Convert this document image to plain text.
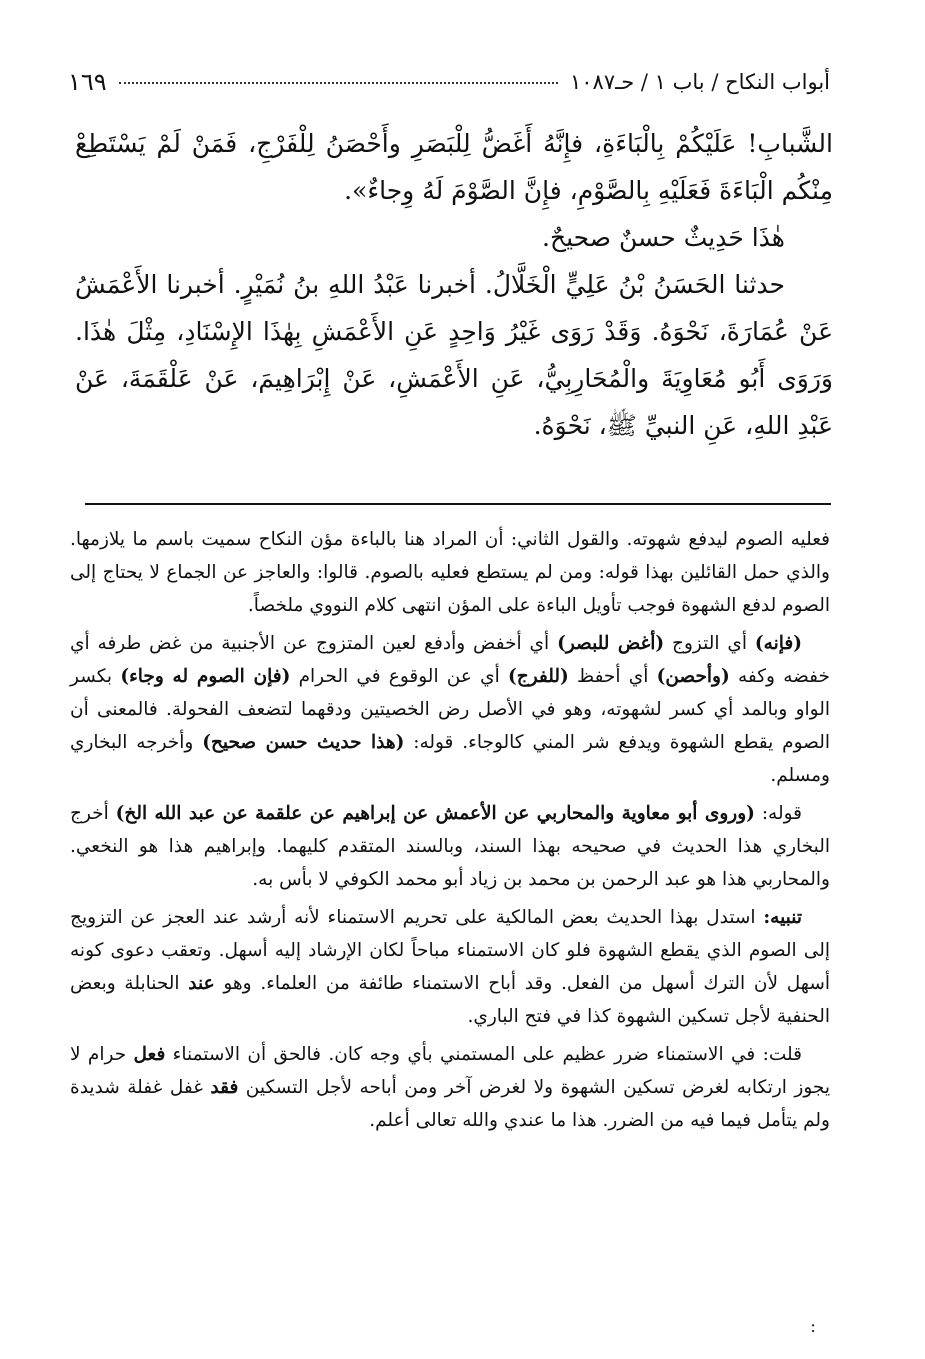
أبواب النكاح / باب ١ / حـ١٠٨٧
١٦٩

الشَّبابِ! عَلَيْكُمْ بِالْبَاءَةِ، فإِنَّهُ أَغَضُّ لِلْبَصَرِ وأَحْصَنُ لِلْفَرْجِ، فَمَنْ لَمْ يَسْتَطِعْ مِنْكُم الْبَاءَةَ فَعَلَيْهِ بِالصَّوْمِ، فإِنَّ الصَّوْمَ لَهُ وِجاءٌ».

هٰذَا حَدِيثٌ حسنٌ صحيحٌ.

حدثنا الحَسَنُ بْنُ عَلِيٍّ الْخَلَّالُ. أخبرنا عَبْدُ اللهِ بنُ نُمَيْرٍ. أخبرنا الأَعْمَشُ عَنْ عُمَارَةَ، نَحْوَهُ. وَقَدْ رَوَى غَيْرُ وَاحِدٍ عَنِ الأَعْمَشِ بِهٰذَا الإِسْنَادِ، مِثْلَ هٰذَا. وَرَوَى أَبُو مُعَاوِيَةَ والْمُحَارِبِيُّ، عَنِ الأَعْمَشِ، عَنْ إِبْرَاهِيمَ، عَنْ عَلْقَمَةَ، عَنْ عَبْدِ اللهِ، عَنِ النبيِّ ﷺ، نَحْوَهُ.

فعليه الصوم ليدفع شهوته. والقول الثاني: أن المراد هنا بالباءة مؤن النكاح سميت باسم ما يلازمها. والذي حمل القائلين بهذا قوله: ومن لم يستطع فعليه بالصوم. قالوا: والعاجز عن الجماع لا يحتاج إلى الصوم لدفع الشهوة فوجب تأويل الباءة على المؤن انتهى كلام النووي ملخصاً.

(فإنه) أي التزوج (أغض للبصر) أي أخفض وأدفع لعين المتزوج عن الأجنبية من غض طرفه أي خفضه وكفه (وأحصن) أي أحفظ (للفرج) أي عن الوقوع في الحرام (فإن الصوم له وجاء) بكسر الواو وبالمد أي كسر لشهوته، وهو في الأصل رض الخصيتين ودقهما لتضعف الفحولة. فالمعنى أن الصوم يقطع الشهوة ويدفع شر المني كالوجاء. قوله: (هذا حديث حسن صحيح) وأخرجه البخاري ومسلم.

قوله: (وروى أبو معاوية والمحاربي عن الأعمش عن إبراهيم عن علقمة عن عبد الله الخ) أخرج البخاري هذا الحديث في صحيحه بهذا السند، وبالسند المتقدم كليهما. وإبراهيم هذا هو النخعي. والمحاربي هذا هو عبد الرحمن بن محمد بن زياد أبو محمد الكوفي لا بأس به.

تنبيه: استدل بهذا الحديث بعض المالكية على تحريم الاستمناء لأنه أرشد عند العجز عن التزويج إلى الصوم الذي يقطع الشهوة فلو كان الاستمناء مباحاً لكان الإرشاد إليه أسهل. وتعقب دعوى كونه أسهل لأن الترك أسهل من الفعل. وقد أباح الاستمناء طائفة من العلماء. وهو عند الحنابلة وبعض الحنفية لأجل تسكين الشهوة كذا في فتح الباري.

قلت: في الاستمناء ضرر عظيم على المستمني بأي وجه كان. فالحق أن الاستمناء فعل حرام لا يجوز ارتكابه لغرض تسكين الشهوة ولا لغرض آخر ومن أباحه لأجل التسكين فقد غفل غفلة شديدة ولم يتأمل فيما فيه من الضرر. هذا ما عندي والله تعالى أعلم.

:
